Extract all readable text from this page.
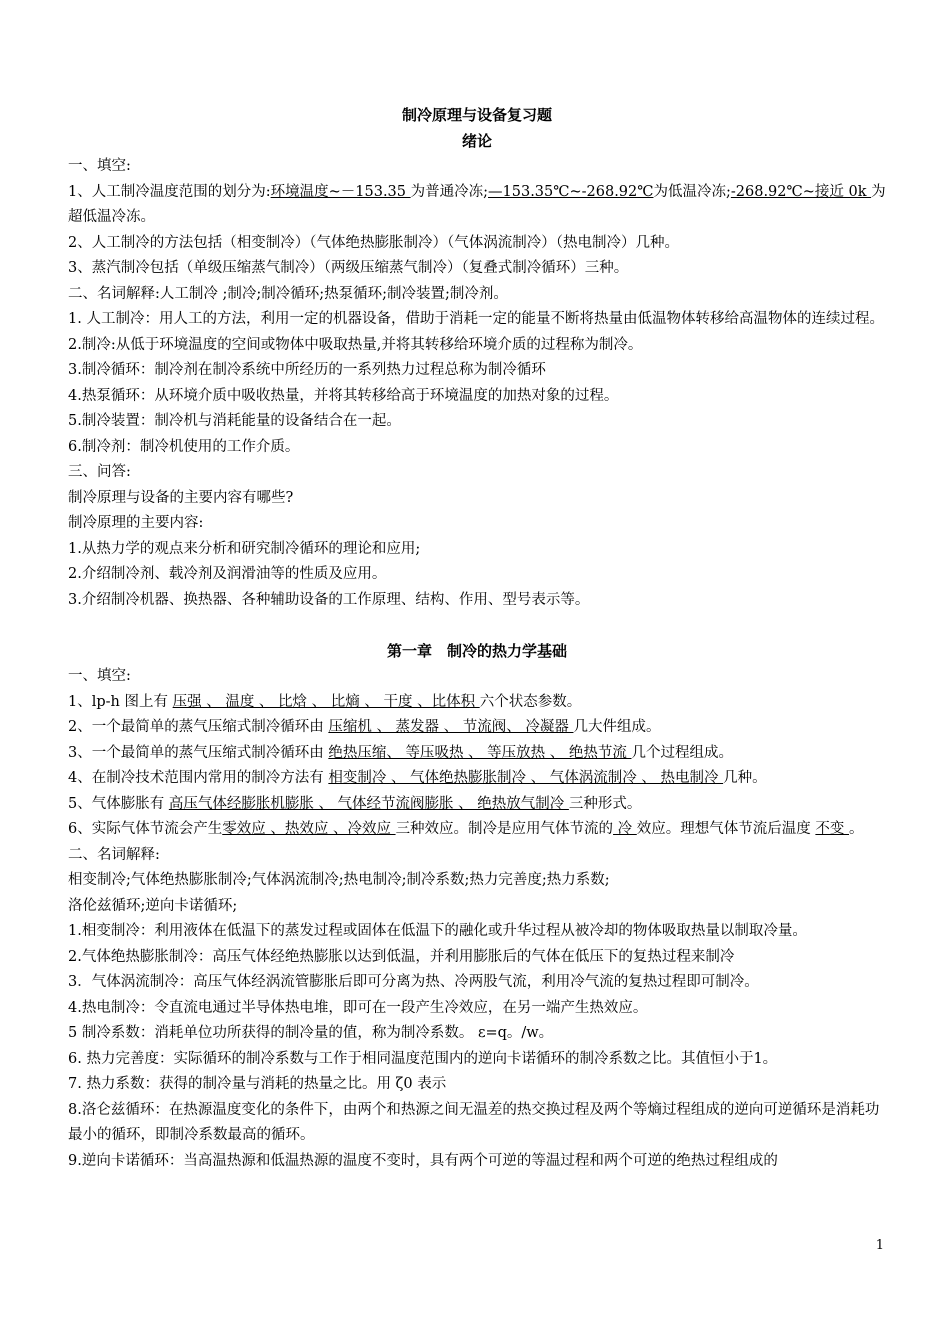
制冷原理与设备复习题
绪论

一、填空:

1、人工制冷温度范围的划分为:环境温度~－153.35 为普通冷冻;—153.35℃~-268.92℃为低温冷冻;-268.92℃~接近 0k 为超低温冷冻。

2、人工制冷的方法包括（相变制冷）（气体绝热膨胀制冷）（气体涡流制冷）（热电制冷）几种。

3、蒸汽制冷包括（单级压缩蒸气制冷）（两级压缩蒸气制冷）（复叠式制冷循环）三种。

二、名词解释:人工制冷 ;制冷;制冷循环;热泵循环;制冷装置;制冷剂。

1. 人工制冷：用人工的方法，利用一定的机器设备，借助于消耗一定的能量不断将热量由低温物体转移给高温物体的连续过程。

2.制冷:从低于环境温度的空间或物体中吸取热量,并将其转移给环境介质的过程称为制冷。

3.制冷循环：制冷剂在制冷系统中所经历的一系列热力过程总称为制冷循环

4.热泵循环：从环境介质中吸收热量，并将其转移给高于环境温度的加热对象的过程。

5.制冷装置：制冷机与消耗能量的设备结合在一起。

6.制冷剂：制冷机使用的工作介质。

三、问答:

制冷原理与设备的主要内容有哪些?

制冷原理的主要内容:

1.从热力学的观点来分析和研究制冷循环的理论和应用;

2.介绍制冷剂、载冷剂及润滑油等的性质及应用。

3.介绍制冷机器、换热器、各种辅助设备的工作原理、结构、作用、型号表示等。

第一章　制冷的热力学基础

一、填空:

1、lp-h 图上有 压强 、 温度 、 比焓 、 比熵 、 干度 、比体积 六个状态参数。

2、一个最简单的蒸气压缩式制冷循环由 压缩机 、 蒸发器 、 节流阀、 冷凝器 几大件组成。

3、一个最简单的蒸气压缩式制冷循环由 绝热压缩、 等压吸热 、 等压放热 、 绝热节流 几个过程组成。

4、在制冷技术范围内常用的制冷方法有 相变制冷 、 气体绝热膨胀制冷 、 气体涡流制冷 、 热电制冷 几种。

5、气体膨胀有 高压气体经膨胀机膨胀 、 气体经节流阀膨胀 、 绝热放气制冷 三种形式。

6、实际气体节流会产生零效应 、热效应 、冷效应 三种效应。制冷是应用气体节流的 冷 效应。理想气体节流后温度 不变 。

二、名词解释:

相变制冷;气体绝热膨胀制冷;气体涡流制冷;热电制冷;制冷系数;热力完善度;热力系数;

洛伦兹循环;逆向卡诺循环;

1.相变制冷：利用液体在低温下的蒸发过程或固体在低温下的融化或升华过程从被冷却的物体吸取热量以制取冷量。

2.气体绝热膨胀制冷：高压气体经绝热膨胀以达到低温，并利用膨胀后的气体在低压下的复热过程来制冷

3．气体涡流制冷：高压气体经涡流管膨胀后即可分离为热、冷两股气流，利用冷气流的复热过程即可制冷。

4.热电制冷：令直流电通过半导体热电堆，即可在一段产生冷效应，在另一端产生热效应。

5 制冷系数：消耗单位功所获得的制冷量的值，称为制冷系数。 ε=q。/w。

6. 热力完善度：实际循环的制冷系数与工作于相同温度范围内的逆向卡诺循环的制冷系数之比。其值恒小于1。

7. 热力系数：获得的制冷量与消耗的热量之比。用 ζ0 表示

8.洛仑兹循环：在热源温度变化的条件下，由两个和热源之间无温差的热交换过程及两个等熵过程组成的逆向可逆循环是消耗功最小的循环，即制冷系数最高的循环。

9.逆向卡诺循环：当高温热源和低温热源的温度不变时，具有两个可逆的等温过程和两个可逆的绝热过程组成的

1
